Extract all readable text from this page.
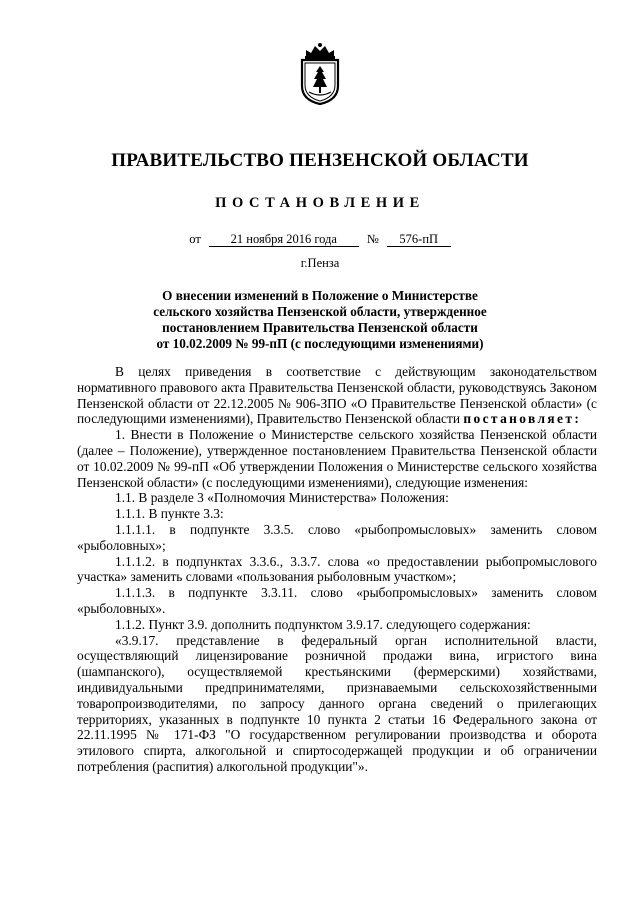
ПРАВИТЕЛЬСТВО ПЕНЗЕНСКОЙ ОБЛАСТИ
ПОСТАНОВЛЕНИЕ
от 21 ноября 2016 года № 576-пП
г.Пенза
О внесении изменений в Положение о Министерстве
сельского хозяйства Пензенской области, утвержденное
постановлением Правительства Пензенской области
от 10.02.2009 № 99-пП (с последующими изменениями)

В целях приведения в соответствие с действующим законодательством нормативного правового акта Правительства Пензенской области, руководствуясь Законом Пензенской области от 22.12.2005 № 906-ЗПО «О Правительстве Пензенской области» (с последующими изменениями), Правительство Пензенской области постановляет:

1. Внести в Положение о Министерстве сельского хозяйства Пензенской области (далее – Положение), утвержденное постановлением Правительства Пензенской области от 10.02.2009 № 99-пП «Об утверждении Положения о Министерстве сельского хозяйства Пензенской области» (с последующими изменениями), следующие изменения:

1.1. В разделе 3 «Полномочия Министерства» Положения:

1.1.1. В пункте 3.3:

1.1.1.1. в подпункте 3.3.5. слово «рыбопромысловых» заменить словом «рыболовных»;

1.1.1.2. в подпунктах 3.3.6., 3.3.7. слова «о предоставлении рыбопромыслового участка» заменить словами «пользования рыболовным участком»;

1.1.1.3. в подпункте 3.3.11. слово «рыбопромысловых» заменить словом «рыболовных».

1.1.2. Пункт 3.9. дополнить подпунктом 3.9.17. следующего содержания:

«3.9.17. представление в федеральный орган исполнительной власти, осуществляющий лицензирование розничной продажи вина, игристого вина (шампанского), осуществляемой крестьянскими (фермерскими) хозяйствами, индивидуальными предпринимателями, признаваемыми сельскохозяйственными товаропроизводителями, по запросу данного органа сведений о прилегающих территориях, указанных в подпункте 10 пункта 2 статьи 16 Федерального закона от 22.11.1995 № 171-ФЗ "О государственном регулировании производства и оборота этилового спирта, алкогольной и спиртосодержащей продукции и об ограничении потребления (распития) алкогольной продукции"».
